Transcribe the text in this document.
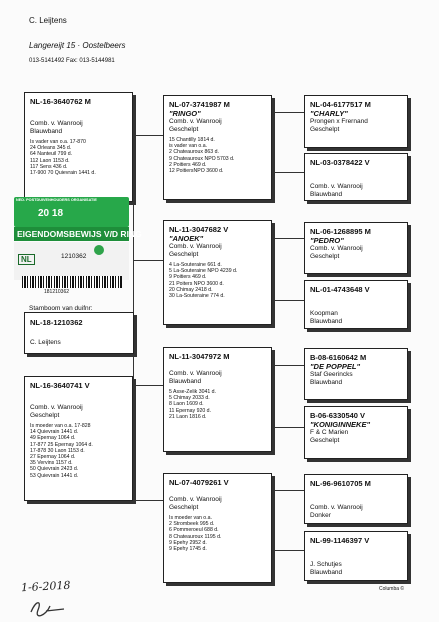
C. Leijtens
Langereijt 15 · Oostelbeers
013-5141492 Fax: 013-5144981
NL-16-3640762 M
Comb. v. Wanrooij
Blauwband
Is vader van o.a. 17-870
24 Orleans 345 d.
64 Nanteuil 799 d.
112 Laon 1153 d.
117 Sens 436 d.
17-900 70 Quievrain 1441 d.
NED. POSTDUIVENHOUDERS ORGANISATIE
20 18
EIGENDOMSBEWIJS V/D RING
NL	1210362
181210362
Stamboom van duifnr:
NL-18-1210362
C. Leijtens
NL-16-3640741 V
Comb. v. Wanrooij
Geschelpt
Is moeder van o.a. 17-828
14 Quievrain 1441 d.
49 Epernay 1064 d.
17-877 25 Epernay 1064 d.
17-878 30 Laon 1153 d.
27 Epernay 1064 d.
35 Vervins 1157 d.
50 Quievrain 2423 d.
53 Quievrain 1441 d.
NL-07-3741987 M
"RINGO"
Comb. v. Wanrooij
Geschelpt
15 Chantilly 1814 d.
is vader van o.a.
2 Chateauroux 863 d.
9 Chateauroux NPO 5703 d.
2 Poitiers 469 d.
12 PoitiersNPO 3600 d.
NL-11-3047682 V
"ANOEK"
Comb. v. Wanrooij
Geschelpt
4 La-Souteraine 661 d.
5 La-Souteraine NPO 4239 d.
9 Poitiers 469 d.
21 Poiters NPO 3600 d.
20 Chimay 2418 d.
30 La-Souteraine 774 d.
NL-11-3047972 M
Comb. v. Wanrooij
Blauwband
5 Asse-Zelik 3041 d.
5 Chimay 2033 d.
8 Laon 1609 d.
11 Epernay 920 d.
21 Laon 1816 d.
NL-07-4079261 V
Comb. v. Wanrooij
Geschelpt
Is moeder van o.a.
2 Strombeek 995 d.
6 Pommeroeul 688 d.
8 Chateauroux 1195 d.
9 Epehy 2952 d.
9 Epehy 1745 d.
NL-04-6177517 M
"CHARLY"
Prongen x Frernand
Geschelpt
NL-03-0378422 V
Comb. v. Wanrooij
Blauwband
NL-06-1268895 M
"PEDRO"
Comb. v. Wanrooij
Geschelpt
NL-01-4743648 V
Koopman
Blauwband
B-08-6160642 M
"DE POPPEL"
Staf Geerincks
Blauwband
B-06-6330540 V
"KONIGINNEKE"
F & C Marien
Geschelpt
NL-96-9610705 M
Comb. v. Wanrooij
Donker
NL-99-1146397 V
J. Schutjes
Blauwband
1-6-2018	Columba ©
